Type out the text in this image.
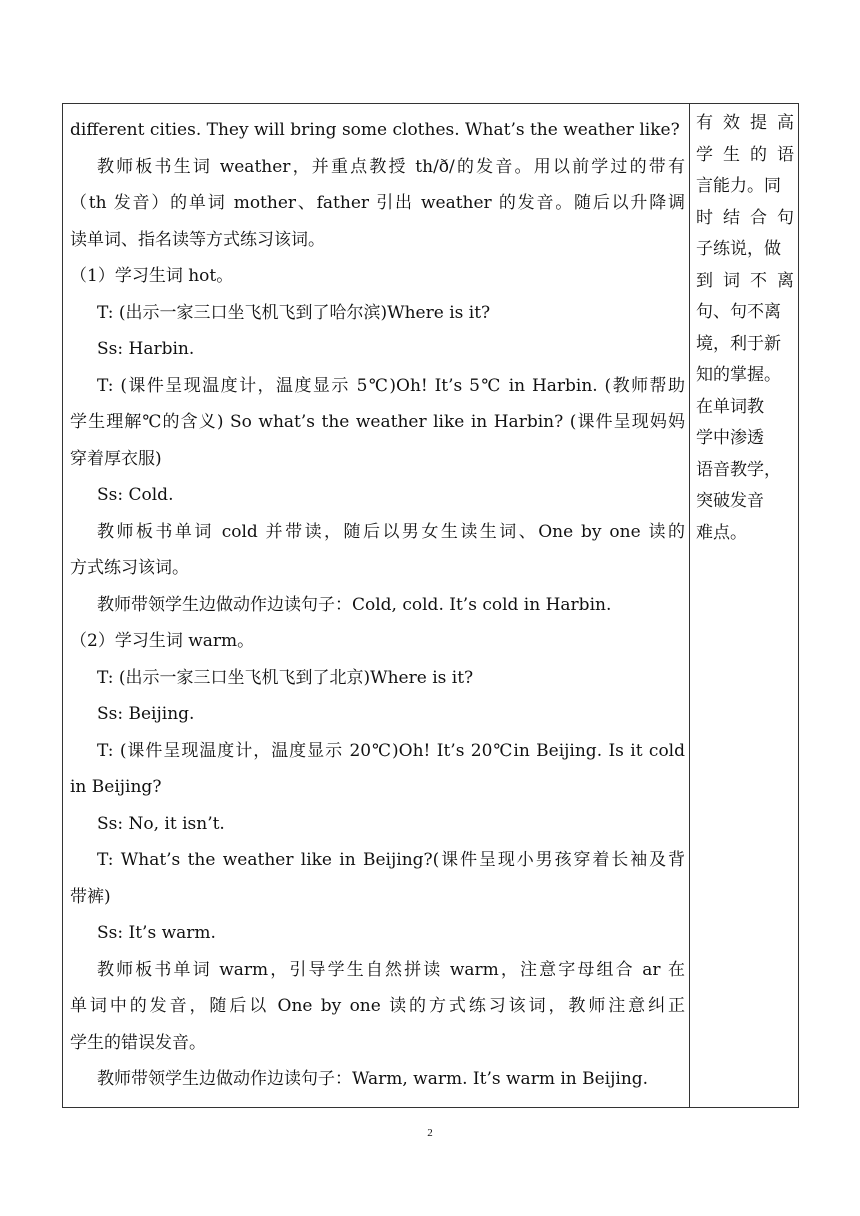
different cities. They will bring some clothes. What’s the weather like?
教师板书生词 weather，并重点教授 th/ð/的发音。用以前学过的带有
（th 发音）的单词 mother、father 引出 weather 的发音。随后以升降调
读单词、指名读等方式练习该词。
（1）学习生词 hot。
T: (出示一家三口坐飞机飞到了哈尔滨)Where is it?
Ss: Harbin.
T: (课件呈现温度计，温度显示 5℃)Oh! It’s 5℃ in Harbin. (教师帮助
学生理解℃的含义) So what’s the weather like in Harbin? (课件呈现妈妈
穿着厚衣服)
Ss: Cold.
教师板书单词 cold 并带读，随后以男女生读生词、One by one 读的
方式练习该词。
教师带领学生边做动作边读句子：Cold, cold. It’s cold in Harbin.
（2）学习生词 warm。
T: (出示一家三口坐飞机飞到了北京)Where is it?
Ss: Beijing.
T: (课件呈现温度计，温度显示 20℃)Oh! It’s 20℃in Beijing. Is it cold
in Beijing?
Ss: No, it isn’t.
T: What’s the weather like in Beijing?(课件呈现小男孩穿着长袖及背
带裤)
Ss: It’s warm.
教师板书单词 warm，引导学生自然拼读 warm，注意字母组合 ar 在
单词中的发音，随后以 One by one 读的方式练习该词，教师注意纠正
学生的错误发音。
教师带领学生边做动作边读句子：Warm, warm. It’s warm in Beijing.
有效提高
学生的语
言能力。同
时结合句
子练说，做
到词不离
句、句不离
境，利于新
知的掌握。
在单词教
学中渗透
语音教学，
突破发音
难点。
2
